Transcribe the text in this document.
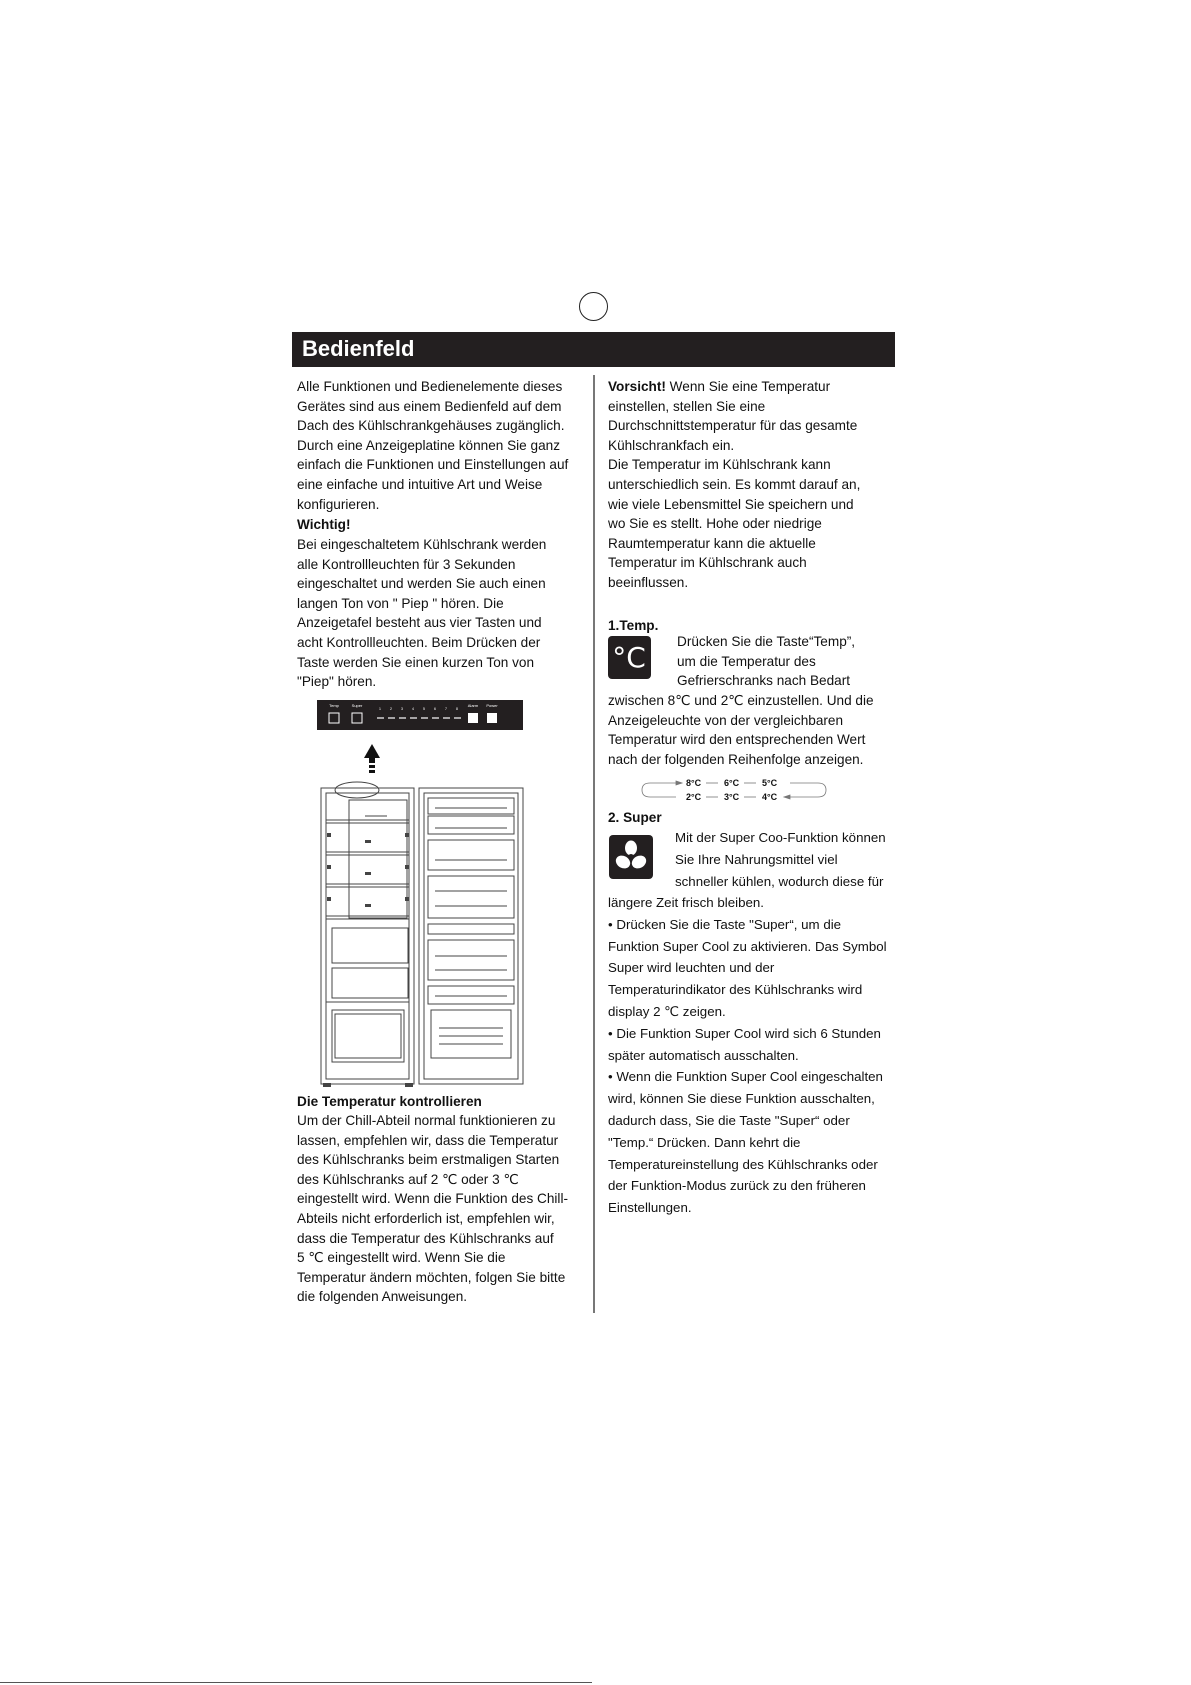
Bedienfeld

Alle Funktionen und Bedienelemente dieses
Gerätes sind aus einem Bedienfeld auf dem
Dach des Kühlschrankgehäuses zugänglich.
Durch eine Anzeigeplatine können Sie ganz
einfach die Funktionen und Einstellungen auf
eine einfache und intuitive Art und Weise
konfigurieren.

Wichtig!

Bei eingeschaltetem Kühlschrank werden
alle Kontrollleuchten für 3 Sekunden
eingeschaltet und werden Sie auch einen
langen Ton von " Piep " hören. Die
Anzeigetafel besteht aus vier Tasten und
acht Kontrollleuchten. Beim Drücken der
Taste werden Sie einen kurzen Ton von
"Piep" hören.

Temp	Super	Alarm Power
1	2	3	4	5	6	7	8

Die Temperatur kontrollieren

Um der Chill-Abteil normal funktionieren zu
lassen, empfehlen wir, dass die Temperatur
des Kühlschranks beim erstmaligen Starten
des Kühlschranks auf 2 ℃ oder 3 ℃
eingestellt wird. Wenn die Funktion des Chill-
Abteils nicht erforderlich ist, empfehlen wir,
dass die Temperatur des Kühlschranks auf
5 ℃ eingestellt wird. Wenn Sie die
Temperatur ändern möchten, folgen Sie bitte
die folgenden Anweisungen.

Vorsicht! Wenn Sie eine Temperatur
einstellen, stellen Sie eine
Durchschnittstemperatur für das gesamte
Kühlschrankfach ein.
Die Temperatur im Kühlschrank kann
unterschiedlich sein. Es kommt darauf an,
wie viele Lebensmittel Sie speichern und
wo Sie es stellt. Hohe oder niedrige
Raumtemperatur kann die aktuelle
Temperatur im Kühlschrank auch
beeinflussen.

1.Temp.

°C Drücken Sie die Taste“Temp”,
um die Temperatur des
Gefrierschranks nach Bedart

zwischen 8℃ und 2℃ einzustellen. Und die
Anzeigeleuchte von der vergleichbaren
Temperatur wird den entsprechenden Wert
nach der folgenden Reihenfolge anzeigen.

8°C	6°C	5°C
2°C	3°C	4°C

2. Super

Mit der Super Coo-Funktion können
Sie Ihre Nahrungsmittel viel
schneller kühlen, wodurch diese für

längere Zeit frisch bleiben.
• Drücken Sie die Taste "Super“, um die
Funktion Super Cool zu aktivieren. Das Symbol
Super wird leuchten und der
Temperaturindikator des Kühlschranks wird
display 2 ℃ zeigen.
• Die Funktion Super Cool wird sich 6 Stunden
später automatisch ausschalten.
• Wenn die Funktion Super Cool eingeschalten
wird, können Sie diese Funktion ausschalten,
dadurch dass, Sie die Taste "Super“ oder
"Temp.“ Drücken. Dann kehrt die
Temperatureinstellung des Kühlschranks oder
der Funktion-Modus zurück zu den früheren
Einstellungen.
